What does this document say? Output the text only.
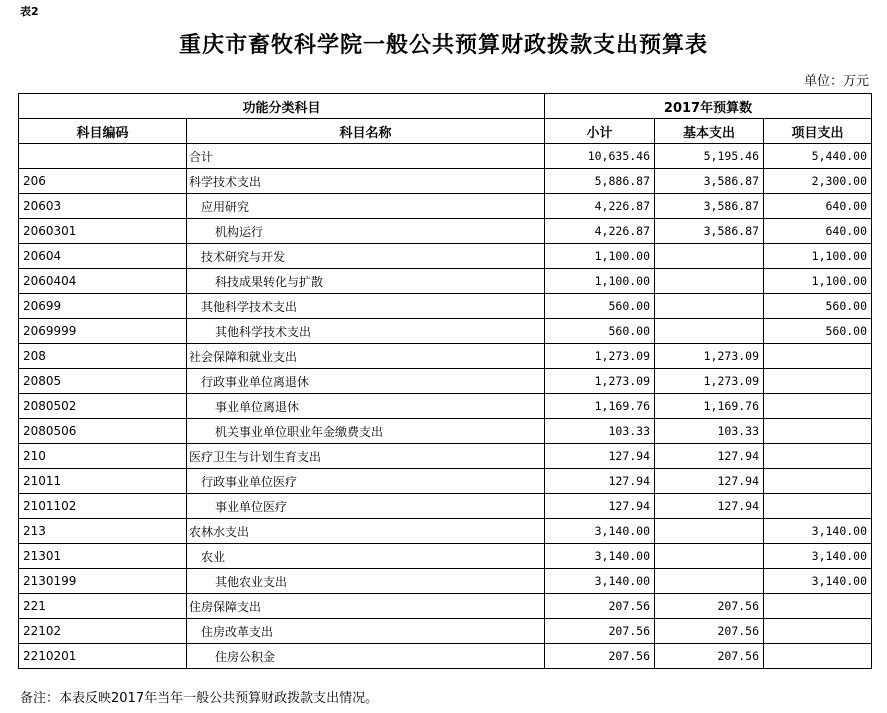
表2
重庆市畜牧科学院一般公共预算财政拨款支出预算表
单位：万元
功能分类科目		2017年预算数		
科目编码	科目名称	小计	基本支出	项目支出
	合计	10,635.46	5,195.46	5,440.00
206	科学技术支出	5,886.87	3,586.87	2,300.00
20603	应用研究	4,226.87	3,586.87	640.00
2060301	机构运行	4,226.87	3,586.87	640.00
20604	技术研究与开发	1,100.00		1,100.00
2060404	科技成果转化与扩散	1,100.00		1,100.00
20699	其他科学技术支出	560.00		560.00
2069999	其他科学技术支出	560.00		560.00
208	社会保障和就业支出	1,273.09	1,273.09	
20805	行政事业单位离退休	1,273.09	1,273.09	
2080502	事业单位离退休	1,169.76	1,169.76	
2080506	机关事业单位职业年金缴费支出	103.33	103.33	
210	医疗卫生与计划生育支出	127.94	127.94	
21011	行政事业单位医疗	127.94	127.94	
2101102	事业单位医疗	127.94	127.94	
213	农林水支出	3,140.00		3,140.00
21301	农业	3,140.00		3,140.00
2130199	其他农业支出	3,140.00		3,140.00
221	住房保障支出	207.56	207.56	
22102	住房改革支出	207.56	207.56	
2210201	住房公积金	207.56	207.56	
备注：本表反映2017年当年一般公共预算财政拨款支出情况。
